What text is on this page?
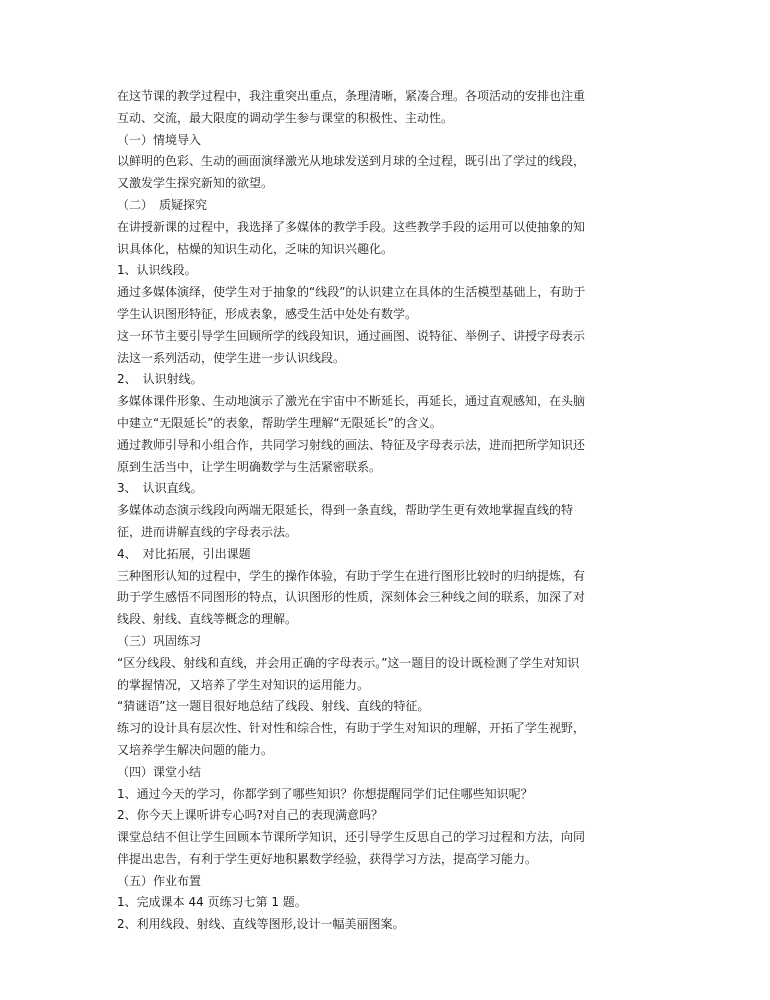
在这节课的教学过程中，我注重突出重点，条理清晰，紧凑合理。各项活动的安排也注重
互动、交流，最大限度的调动学生参与课堂的积极性、主动性。
（一）情境导入
以鲜明的色彩、生动的画面演绎激光从地球发送到月球的全过程，既引出了学过的线段，
又激发学生探究新知的欲望。
（二）　质疑探究
在讲授新课的过程中，我选择了多媒体的教学手段。这些教学手段的运用可以使抽象的知
识具体化，枯燥的知识生动化，乏味的知识兴趣化。
1、认识线段。
通过多媒体演绎，使学生对于抽象的“线段”的认识建立在具体的生活模型基础上，有助于
学生认识图形特征，形成表象，感受生活中处处有数学。
这一环节主要引导学生回顾所学的线段知识，通过画图、说特征、举例子、讲授字母表示
法这一系列活动，使学生进一步认识线段。
2、　认识射线。
多媒体课件形象、生动地演示了激光在宇宙中不断延长，再延长，通过直观感知，在头脑
中建立“无限延长”的表象，帮助学生理解“无限延长”的含义。
通过教师引导和小组合作，共同学习射线的画法、特征及字母表示法，进而把所学知识还
原到生活当中，让学生明确数学与生活紧密联系。
3、　认识直线。
多媒体动态演示线段向两端无限延长，得到一条直线，帮助学生更有效地掌握直线的特
征，进而讲解直线的字母表示法。
4、　对比拓展，引出课题
三种图形认知的过程中，学生的操作体验，有助于学生在进行图形比较时的归纳提炼，有
助于学生感悟不同图形的特点，认识图形的性质，深刻体会三种线之间的联系，加深了对
线段、射线、直线等概念的理解。
（三）巩固练习
“区分线段、射线和直线，并会用正确的字母表示。”这一题目的设计既检测了学生对知识
的掌握情况，又培养了学生对知识的运用能力。
“猜谜语”这一题目很好地总结了线段、射线、直线的特征。
练习的设计具有层次性、针对性和综合性，有助于学生对知识的理解，开拓了学生视野，
又培养学生解决问题的能力。
（四）课堂小结
1、通过今天的学习，你都学到了哪些知识？你想提醒同学们记住哪些知识呢？
2、你今天上课听讲专心吗?对自己的表现满意吗？
课堂总结不但让学生回顾本节课所学知识，还引导学生反思自己的学习过程和方法，向同
伴提出忠告，有利于学生更好地积累数学经验，获得学习方法，提高学习能力。
（五）作业布置
1、完成课本 44 页练习七第 1 题。
2、利用线段、射线、直线等图形,设计一幅美丽图案。
